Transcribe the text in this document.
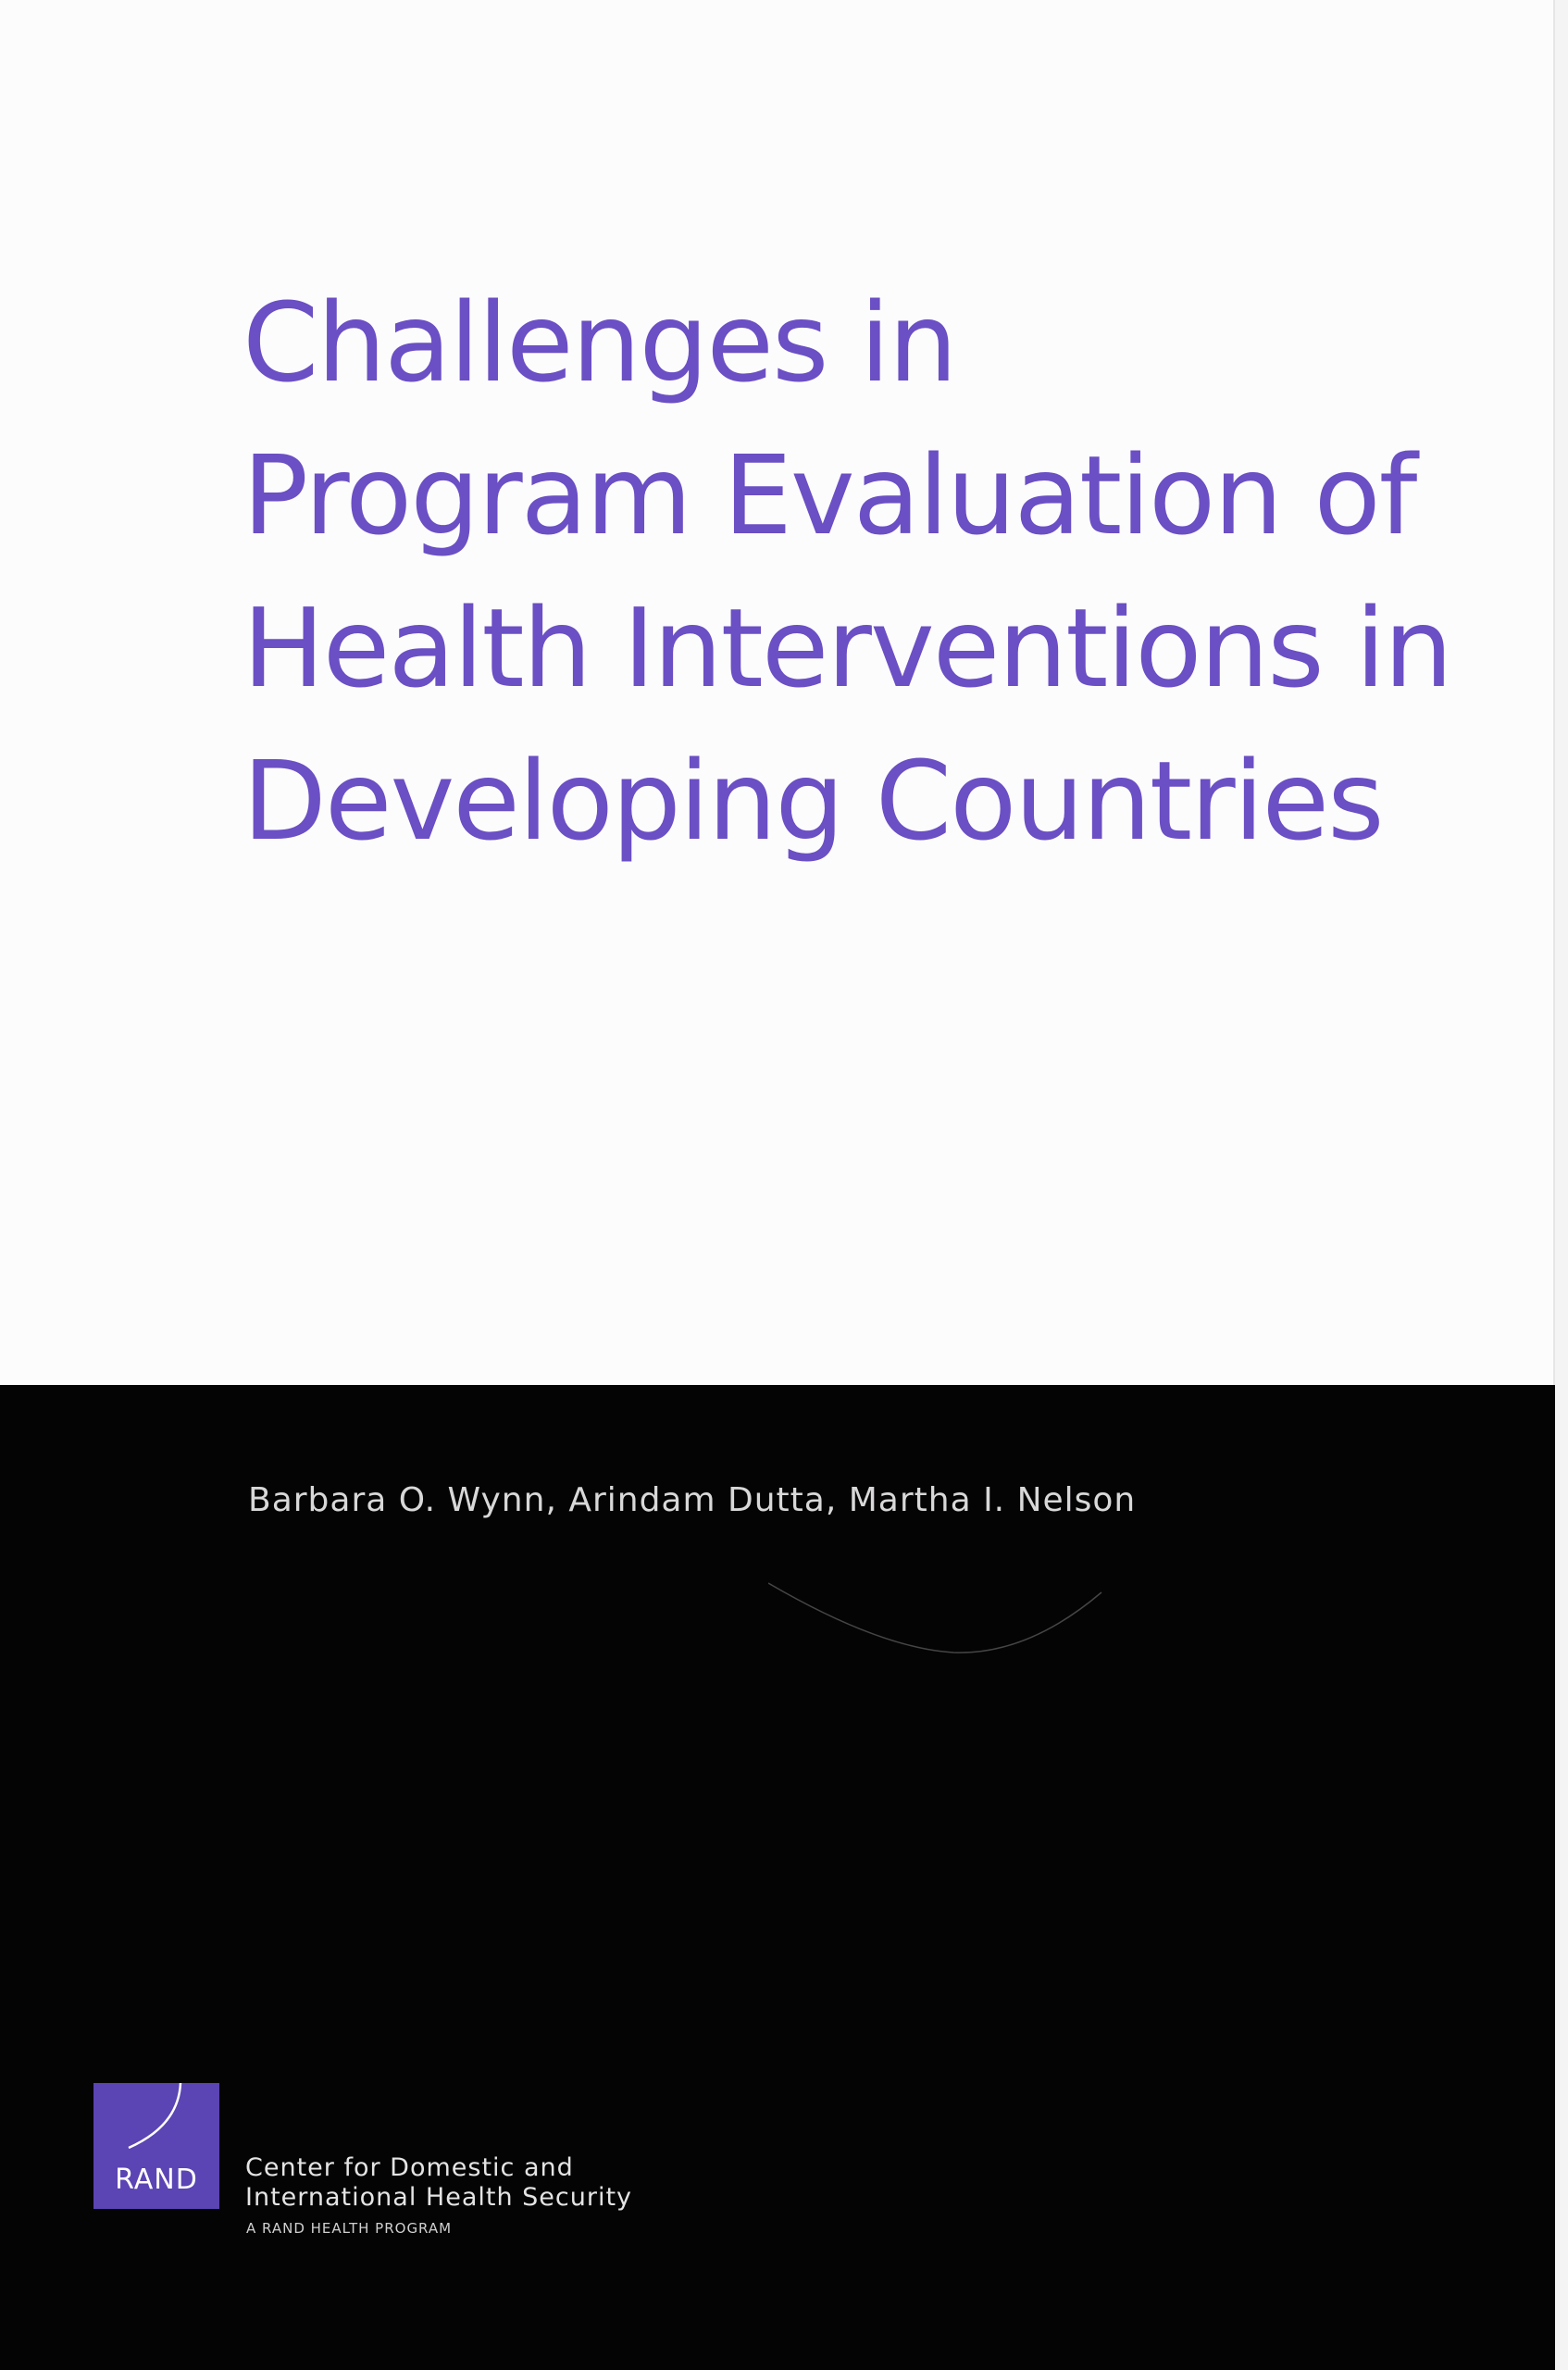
Challenges in
Program Evaluation of
Health Interventions in
Developing Countries
Barbara O. Wynn, Arindam Dutta, Martha I. Nelson
RAND	Center for Domestic and
International Health Security
A RAND HEALTH PROGRAM
